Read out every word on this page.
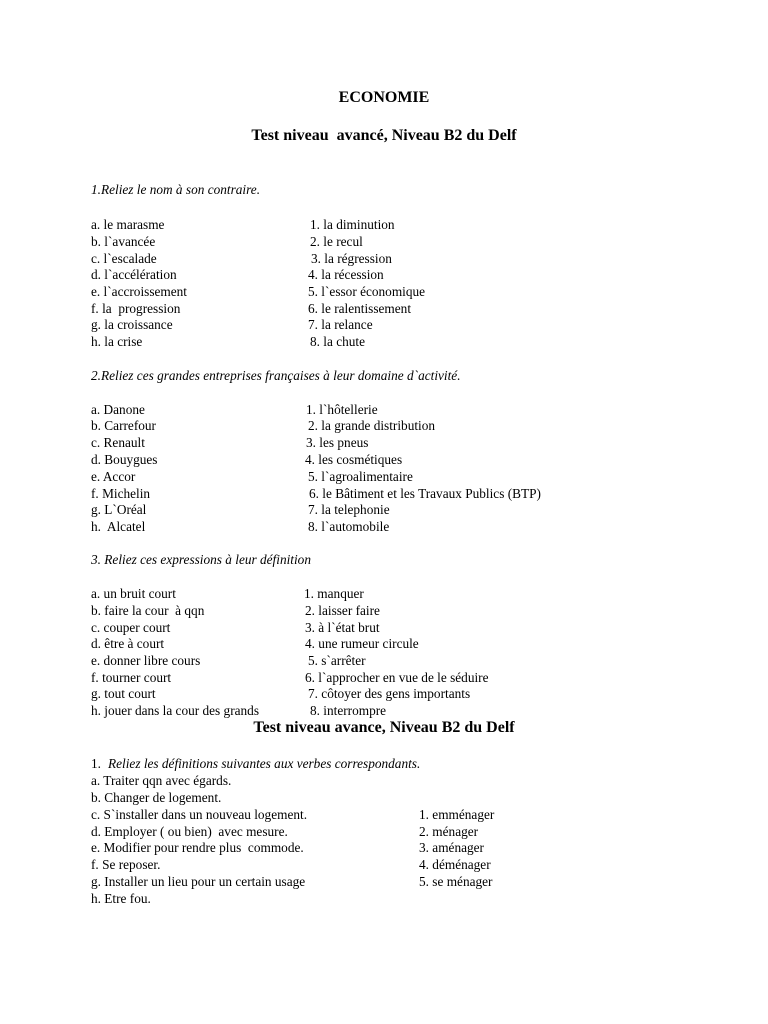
ECONOMIE
Test niveau  avancé, Niveau B2 du Delf
1.Reliez le nom à son contraire.
a. le marasme
b. l`avancée
c. l`escalade
d. l`accélération
e. l`accroissement
f. la  progression
g. la croissance
h. la crise
1. la diminution
2. le recul
3. la régression
4. la récession
5. l`essor économique
6. le ralentissement
7. la relance
8. la chute
2.Reliez ces grandes entreprises françaises à leur domaine d`activité.
a. Danone
b. Carrefour
c. Renault
d. Bouygues
e. Accor
f. Michelin
g. L`Oréal
h.  Alcatel
1. l`hôtellerie
2. la grande distribution
3. les pneus
4. les cosmétiques
5. l`agroalimentaire
6. le Bâtiment et les Travaux Publics (BTP)
7. la telephonie
8. l`automobile
3. Reliez ces expressions à leur définition
a. un bruit court
b. faire la cour  à qqn
c. couper court
d. être à court
e. donner libre cours
f. tourner court
g. tout court
h. jouer dans la cour des grands
1. manquer
2. laisser faire
3. à l`état brut
4. une rumeur circule
5. s`arrêter
6. l`approcher en vue de le séduire
7. côtoyer des gens importants
8. interrompre
Test niveau avance, Niveau B2 du Delf
1. Reliez les définitions suivantes aux verbes correspondants.
a. Traiter qqn avec égards.
b. Changer de logement.
c. S`installer dans un nouveau logement.
d. Employer ( ou bien)  avec mesure.
e. Modifier pour rendre plus  commode.
f. Se reposer.
g. Installer un lieu pour un certain usage
h. Etre fou.
1. emménager
2. ménager
3. aménager
4. déménager
5. se ménager
